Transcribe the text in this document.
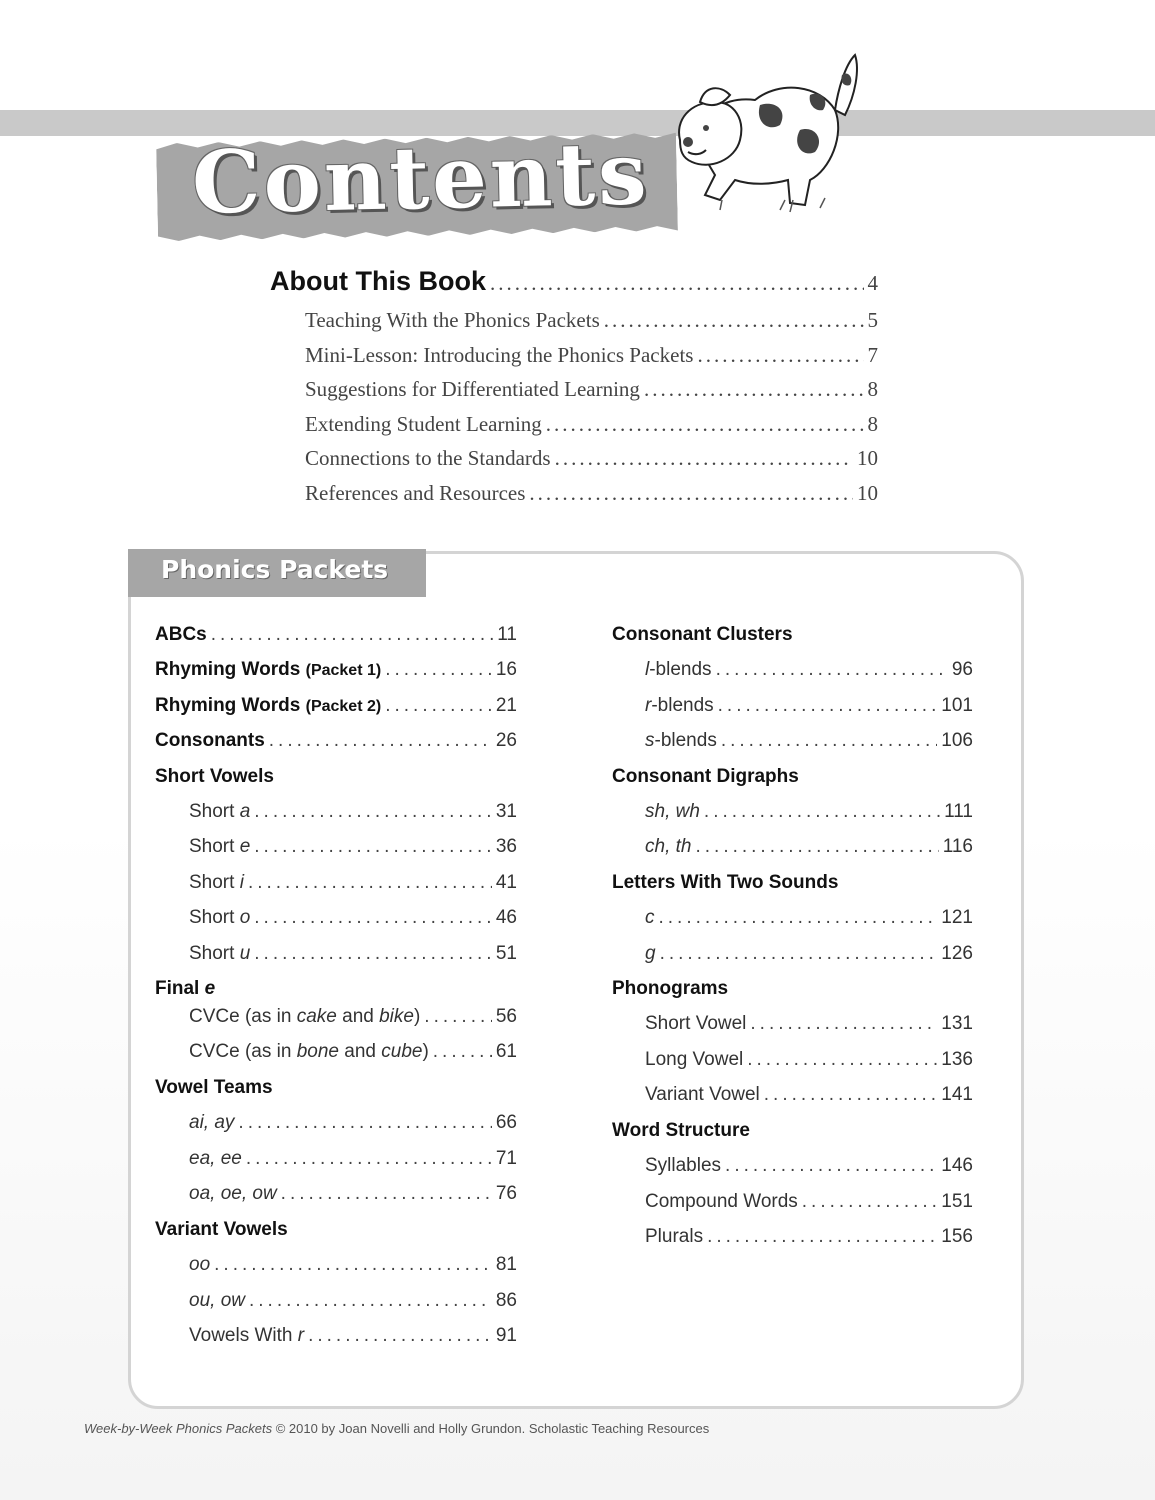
Contents
About This Book .....	4
Teaching With the Phonics Packets .....	5
Mini-Lesson: Introducing the Phonics Packets .....	7
Suggestions for Differentiated Learning .....	8
Extending Student Learning .....	8
Connections to the Standards .....	10
References and Resources .....	10
Phonics Packets
ABCs .....	11
Rhyming Words (Packet 1) .....	16
Rhyming Words (Packet 2) .....	21
Consonants .....	26
Short Vowels
Short a .....	31
Short e .....	36
Short i .....	41
Short o .....	46
Short u .....	51
Final e
CVCe (as in cake and bike) .....	56
CVCe (as in bone and cube) .....	61
Vowel Teams
ai, ay .....	66
ea, ee .....	71
oa, oe, ow .....	76
Variant Vowels
oo .....	81
ou, ow .....	86
Vowels With r .....	91
Consonant Clusters
l-blends .....	96
r-blends .....	101
s-blends .....	106
Consonant Digraphs
sh, wh .....	111
ch, th .....	116
Letters With Two Sounds
c .....	121
g .....	126
Phonograms
Short Vowel .....	131
Long Vowel .....	136
Variant Vowel .....	141
Word Structure
Syllables .....	146
Compound Words .....	151
Plurals .....	156
Week-by-Week Phonics Packets © 2010 by Joan Novelli and Holly Grundon. Scholastic Teaching Resources
